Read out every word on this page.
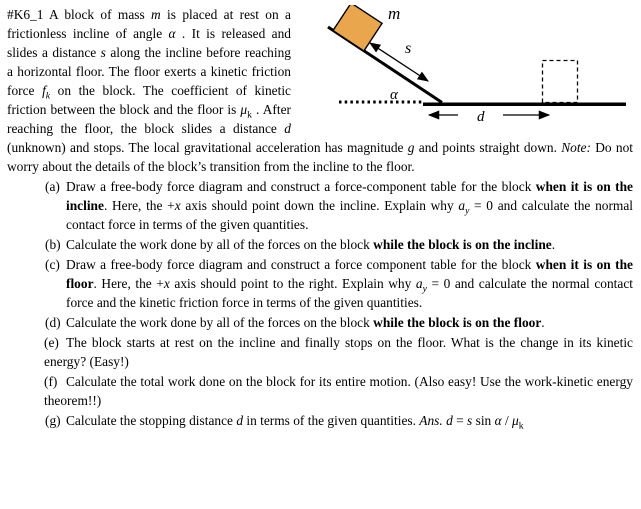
m
s
α
d

#K6_1 A block of mass m is placed at rest on a frictionless incline of angle α . It is released and slides a distance s along the incline before reaching a horizontal floor. The floor exerts a kinetic friction force $f_k$ on the block. The coefficient of kinetic friction between the block and the floor is $\mu_k$ . After reaching the floor, the block slides a distance d (unknown) and stops. The local gravitational acceleration has magnitude g and points straight down. Note: Do not worry about the details of the block’s transition from the incline to the floor.

(a) Draw a free-body force diagram and construct a force-component table for the block when it is on the incline. Here, the +x axis should point down the incline. Explain why $a_y = 0$ and calculate the normal contact force in terms of the given quantities.
(b) Calculate the work done by all of the forces on the block while the block is on the incline.
(c) Draw a free-body force diagram and construct a force component table for the block when it is on the floor. Here, the +x axis should point to the right. Explain why $a_y = 0$ and calculate the normal contact force and the kinetic friction force in terms of the given quantities.
(d) Calculate the work done by all of the forces on the block while the block is on the floor.
(e) The block starts at rest on the incline and finally stops on the floor. What is the change in its kinetic energy? (Easy!)
(f) Calculate the total work done on the block for its entire motion. (Also easy! Use the work-kinetic energy theorem!!)
(g) Calculate the stopping distance d in terms of the given quantities. Ans. d = s sin α / $\mu_k$
